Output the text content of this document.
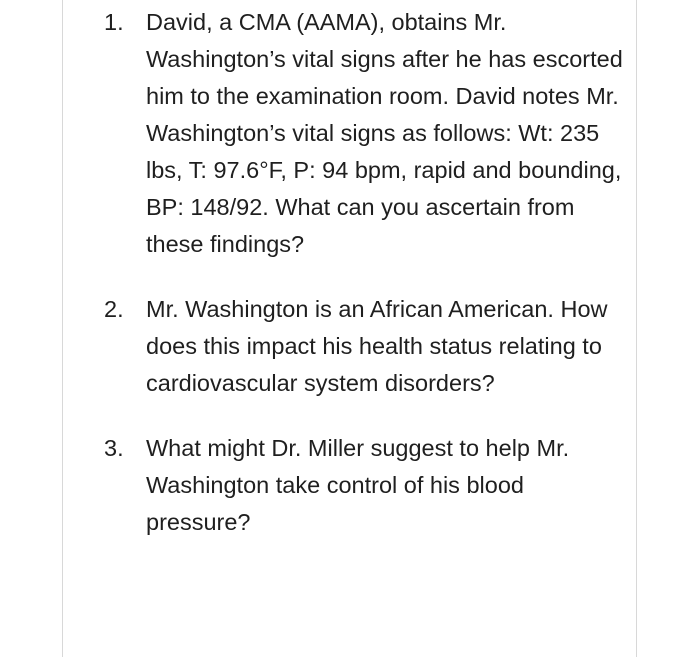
1. David, a CMA (AAMA), obtains Mr. Washington’s vital signs after he has escorted him to the examination room. David notes Mr. Washington’s vital signs as follows: Wt: 235 lbs, T: 97.6°F, P: 94 bpm, rapid and bounding, BP: 148/92. What can you ascertain from these findings?
2. Mr. Washington is an African American. How does this impact his health status relating to cardiovascular system disorders?
3. What might Dr. Miller suggest to help Mr. Washington take control of his blood pressure?
